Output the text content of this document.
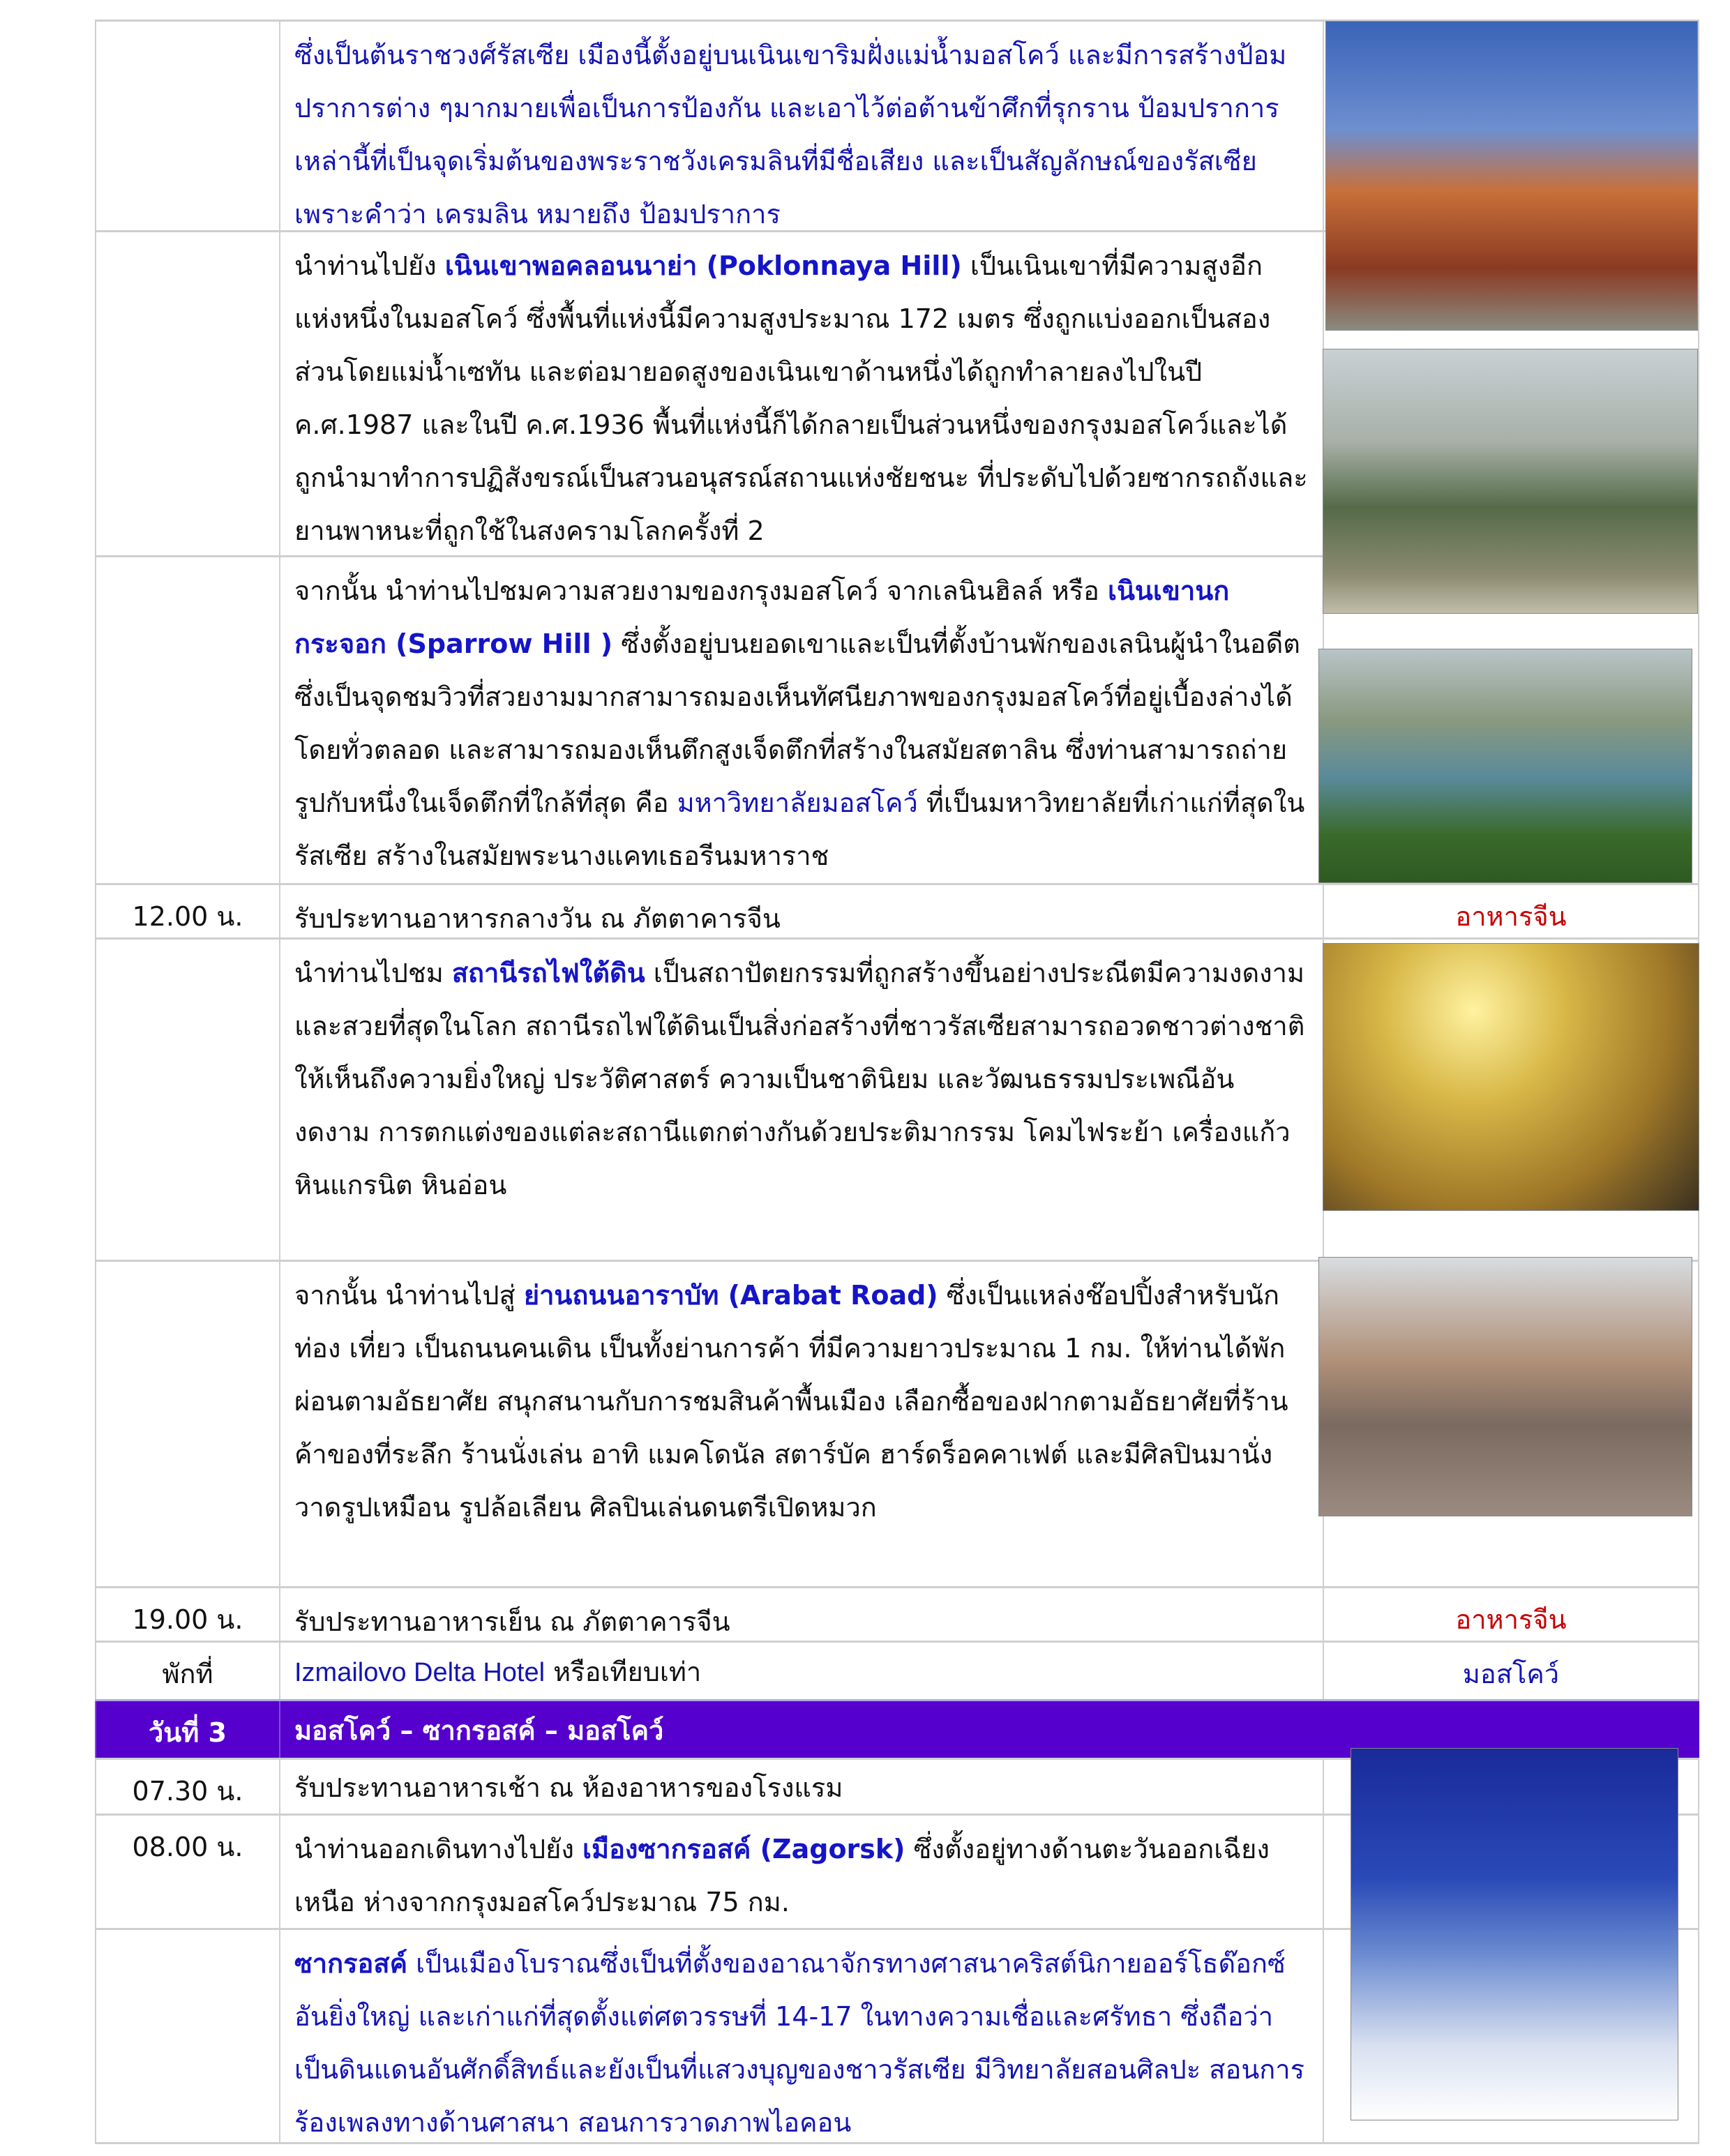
ซึ่งเป็นต้นราชวงศ์รัสเซีย เมืองนี้ตั้งอยู่บนเนินเขาริมฝั่งแม่น้ำมอสโคว์ และมีการสร้างป้อมปราการต่าง ๆมากมายเพื่อเป็นการป้องกัน และเอาไว้ต่อต้านข้าศึกที่รุกราน ป้อมปราการเหล่านี้ที่เป็นจุดเริ่มต้นของพระราชวังเครมลินที่มีชื่อเสียง และเป็นสัญลักษณ์ของรัสเซีย เพราะคำว่า เครมลิน หมายถึง ป้อมปราการ
นำท่านไปยัง เนินเขาพอคลอนนาย่า (Poklonnaya Hill) เป็นเนินเขาที่มีความสูงอีกแห่งหนึ่งในมอสโคว์ ซึ่งพื้นที่แห่งนี้มีความสูงประมาณ 172 เมตร ซึ่งถูกแบ่งออกเป็นสองส่วนโดยแม่น้ำเซทัน และต่อมายอดสูงของเนินเขาด้านหนึ่งได้ถูกทำลายลงไปในปี ค.ศ.1987 และในปี ค.ศ.1936 พื้นที่แห่งนี้ก็ได้กลายเป็นส่วนหนึ่งของกรุงมอสโคว์และได้ถูกนำมาทำการปฏิสังขรณ์เป็นสวนอนุสรณ์สถานแห่งชัยชนะ ที่ประดับไปด้วยซากรถถังและยานพาหนะที่ถูกใช้ในสงครามโลกครั้งที่ 2
จากนั้น นำท่านไปชมความสวยงามของกรุงมอสโคว์ จากเลนินฮิลล์ หรือ เนินเขานกกระจอก (Sparrow Hill ) ซึ่งตั้งอยู่บนยอดเขาและเป็นที่ตั้งบ้านพักของเลนินผู้นำในอดีต ซึ่งเป็นจุดชมวิวที่สวยงามมากสามารถมองเห็นทัศนียภาพของกรุงมอสโคว์ที่อยู่เบื้องล่างได้โดยทั่วตลอด และสามารถมองเห็นตึกสูงเจ็ดตึกที่สร้างในสมัยสตาลิน ซึ่งท่านสามารถถ่ายรูปกับหนึ่งในเจ็ดตึกที่ใกล้ที่สุด คือ มหาวิทยาลัยมอสโคว์ ที่เป็นมหาวิทยาลัยที่เก่าแก่ที่สุดในรัสเซีย สร้างในสมัยพระนางแคทเธอรีนมหาราช
12.00 น.	รับประทานอาหารกลางวัน ณ ภัตตาคารจีน	อาหารจีน
นำท่านไปชม สถานีรถไฟใต้ดิน เป็นสถาปัตยกรรมที่ถูกสร้างขึ้นอย่างประณีตมีความงดงามและสวยที่สุดในโลก สถานีรถไฟใต้ดินเป็นสิ่งก่อสร้างที่ชาวรัสเซียสามารถอวดชาวต่างชาติให้เห็นถึงความยิ่งใหญ่ ประวัติศาสตร์ ความเป็นชาตินิยม และวัฒนธรรมประเพณีอันงดงาม การตกแต่งของแต่ละสถานีแตกต่างกันด้วยประติมากรรม โคมไฟระย้า เครื่องแก้ว หินแกรนิต หินอ่อน
จากนั้น นำท่านไปสู่ ย่านถนนอาราบัท (Arabat Road) ซึ่งเป็นแหล่งช๊อปปิ้งสำหรับนักท่อง เที่ยว เป็นถนนคนเดิน เป็นทั้งย่านการค้า ที่มีความยาวประมาณ 1 กม. ให้ท่านได้พักผ่อนตามอัธยาศัย สนุกสนานกับการชมสินค้าพื้นเมือง เลือกซื้อของฝากตามอัธยาศัยที่ร้านค้าของที่ระลึก ร้านนั่งเล่น อาทิ แมคโดนัล สตาร์บัค ฮาร์ดร็อคคาเฟต์ และมีศิลปินมานั่งวาดรูปเหมือน รูปล้อเลียน ศิลปินเล่นดนตรีเปิดหมวก
19.00 น.	รับประทานอาหารเย็น ณ ภัตตาคารจีน	อาหารจีน
พักที่	Izmailovo Delta Hotel หรือเทียบเท่า	มอสโคว์
วันที่ 3	มอสโคว์ – ซากรอสค์ – มอสโคว์
07.30 น.	รับประทานอาหารเช้า ณ ห้องอาหารของโรงแรม
08.00 น.	นำท่านออกเดินทางไปยัง เมืองซากรอสค์ (Zagorsk) ซึ่งตั้งอยู่ทางด้านตะวันออกเฉียง เหนือ ห่างจากกรุงมอสโคว์ประมาณ 75 กม.
ซากรอสค์ เป็นเมืองโบราณซึ่งเป็นที่ตั้งของอาณาจักรทางศาสนาคริสต์นิกายออร์โธด๊อกซ์อันยิ่งใหญ่ และเก่าแก่ที่สุดตั้งแต่ศตวรรษที่ 14-17 ในทางความเชื่อและศรัทธา ซึ่งถือว่าเป็นดินแดนอันศักดิ์สิทธ์และยังเป็นที่แสวงบุญของชาวรัสเซีย มีวิทยาลัยสอนศิลปะ สอนการร้องเพลงทางด้านศาสนา สอนการวาดภาพไอคอน
